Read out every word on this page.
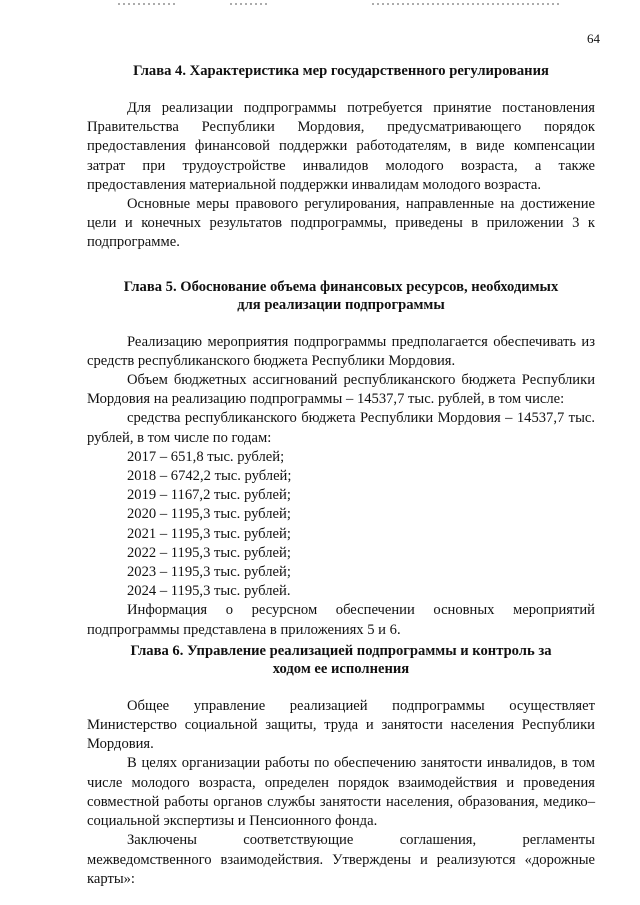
64
Глава 4. Характеристика мер государственного регулирования

Для реализации подпрограммы потребуется принятие постановления Правительства Республики Мордовия, предусматривающего порядок предоставления финансовой поддержки работодателям, в виде компенсации затрат при трудоустройстве инвалидов молодого возраста, а также предоставления материальной поддержки инвалидам молодого возраста.

Основные меры правового регулирования, направленные на достижение цели и конечных результатов подпрограммы, приведены в приложении 3 к подпрограмме.

Глава 5. Обоснование объема финансовых ресурсов, необходимых
для реализации подпрограммы

Реализацию мероприятия подпрограммы предполагается обеспечивать из средств республиканского бюджета Республики Мордовия.

Объем бюджетных ассигнований республиканского бюджета Республики Мордовия на реализацию подпрограммы – 14537,7 тыс. рублей, в том числе:

средства республиканского бюджета Республики Мордовия – 14537,7 тыс. рублей, в том числе по годам:

2017 – 651,8 тыс. рублей;
2018 – 6742,2 тыс. рублей;
2019 – 1167,2 тыс. рублей;
2020 – 1195,3 тыс. рублей;
2021 – 1195,3 тыс. рублей;
2022 – 1195,3 тыс. рублей;
2023 – 1195,3 тыс. рублей;
2024 – 1195,3 тыс. рублей.

Информация о ресурсном обеспечении основных мероприятий подпрограммы представлена в приложениях 5 и 6.

Глава 6. Управление реализацией подпрограммы и контроль за
ходом ее исполнения

Общее управление реализацией подпрограммы осуществляет Министерство социальной защиты, труда и занятости населения Республики Мордовия.

В целях организации работы по обеспечению занятости инвалидов, в том числе молодого возраста, определен порядок взаимодействия и проведения совместной работы органов службы занятости населения, образования, медико–социальной экспертизы и Пенсионного фонда.

Заключены соответствующие соглашения, регламенты межведомственного взаимодействия. Утверждены и реализуются «дорожные карты»:
